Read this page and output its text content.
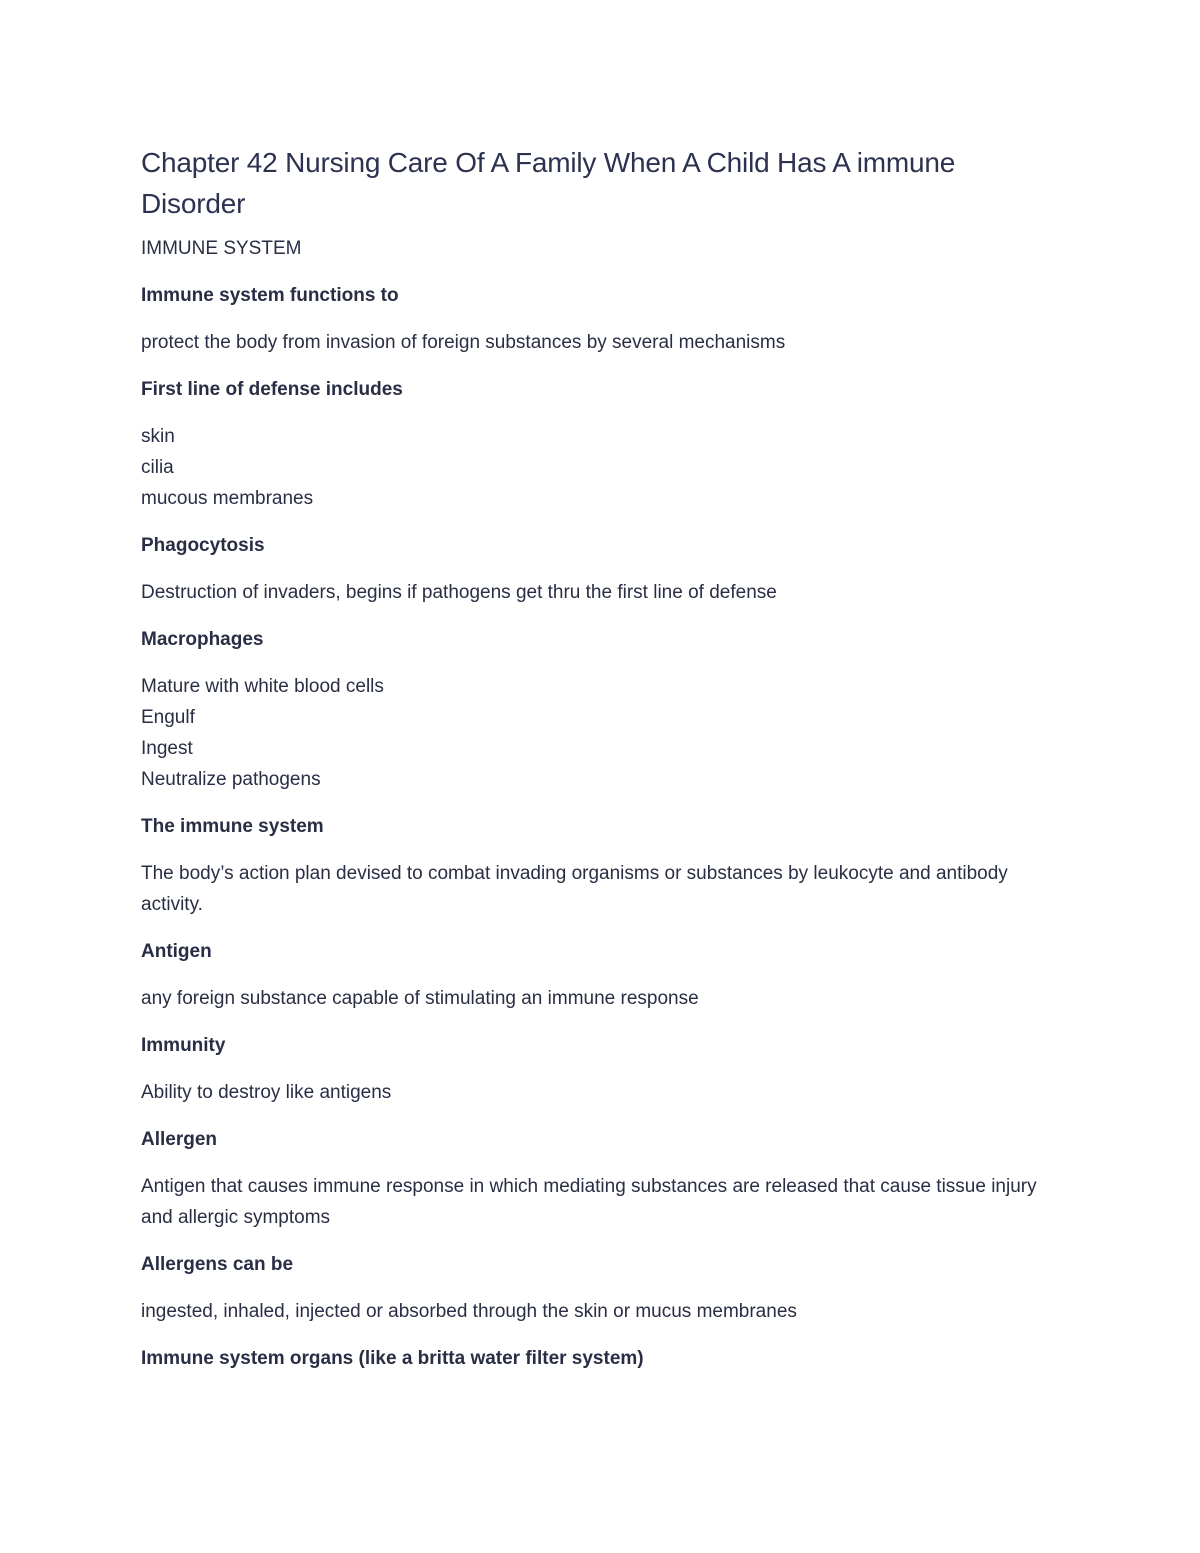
Chapter 42 Nursing Care Of A Family When A Child Has A immune Disorder

IMMUNE SYSTEM

Immune system functions to

protect the body from invasion of foreign substances by several mechanisms

First line of defense includes

skin
cilia
mucous membranes

Phagocytosis

Destruction of invaders, begins if pathogens get thru the first line of defense

Macrophages

Mature with white blood cells
Engulf
Ingest
Neutralize pathogens

The immune system

The body’s action plan devised to combat invading organisms or substances by leukocyte and antibody activity.

Antigen

any foreign substance capable of stimulating an immune response

Immunity

Ability to destroy like antigens

Allergen

Antigen that causes immune response in which mediating substances are released that cause tissue injury and allergic symptoms

Allergens can be

ingested, inhaled, injected or absorbed through the skin or mucus membranes

Immune system organs (like a britta water filter system)
